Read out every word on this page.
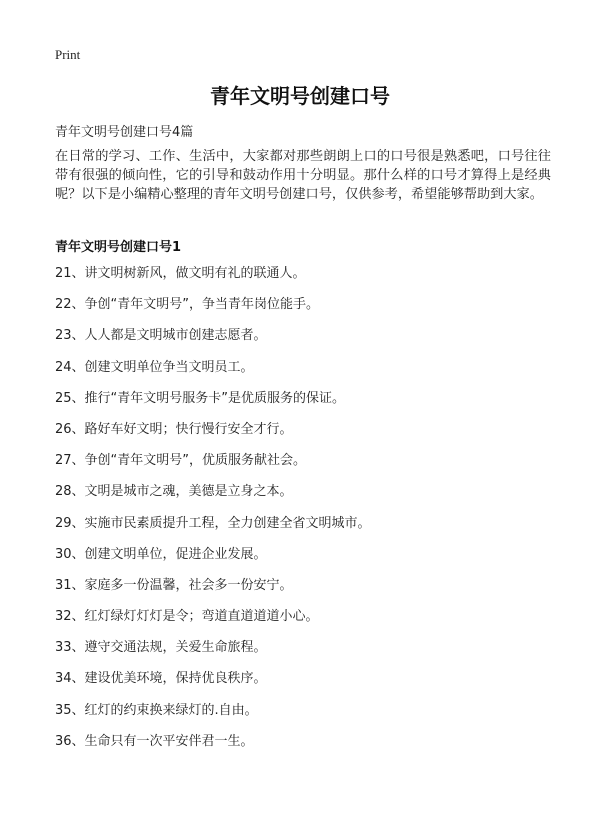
Print
青年文明号创建口号
青年文明号创建口号4篇
在日常的学习、工作、生活中，大家都对那些朗朗上口的口号很是熟悉吧，口号往往带有很强的倾向性，它的引导和鼓动作用十分明显。那什么样的口号才算得上是经典呢？以下是小编精心整理的青年文明号创建口号，仅供参考，希望能够帮助到大家。
青年文明号创建口号1
21、讲文明树新风，做文明有礼的联通人。
22、争创“青年文明号”，争当青年岗位能手。
23、人人都是文明城市创建志愿者。
24、创建文明单位争当文明员工。
25、推行“青年文明号服务卡”是优质服务的保证。
26、路好车好文明；快行慢行安全才行。
27、争创“青年文明号”，优质服务献社会。
28、文明是城市之魂，美德是立身之本。
29、实施市民素质提升工程，全力创建全省文明城市。
30、创建文明单位，促进企业发展。
31、家庭多一份温馨，社会多一份安宁。
32、红灯绿灯灯灯是令；弯道直道道道小心。
33、遵守交通法规，关爱生命旅程。
34、建设优美环境，保持优良秩序。
35、红灯的约束换来绿灯的.自由。
36、生命只有一次平安伴君一生。
